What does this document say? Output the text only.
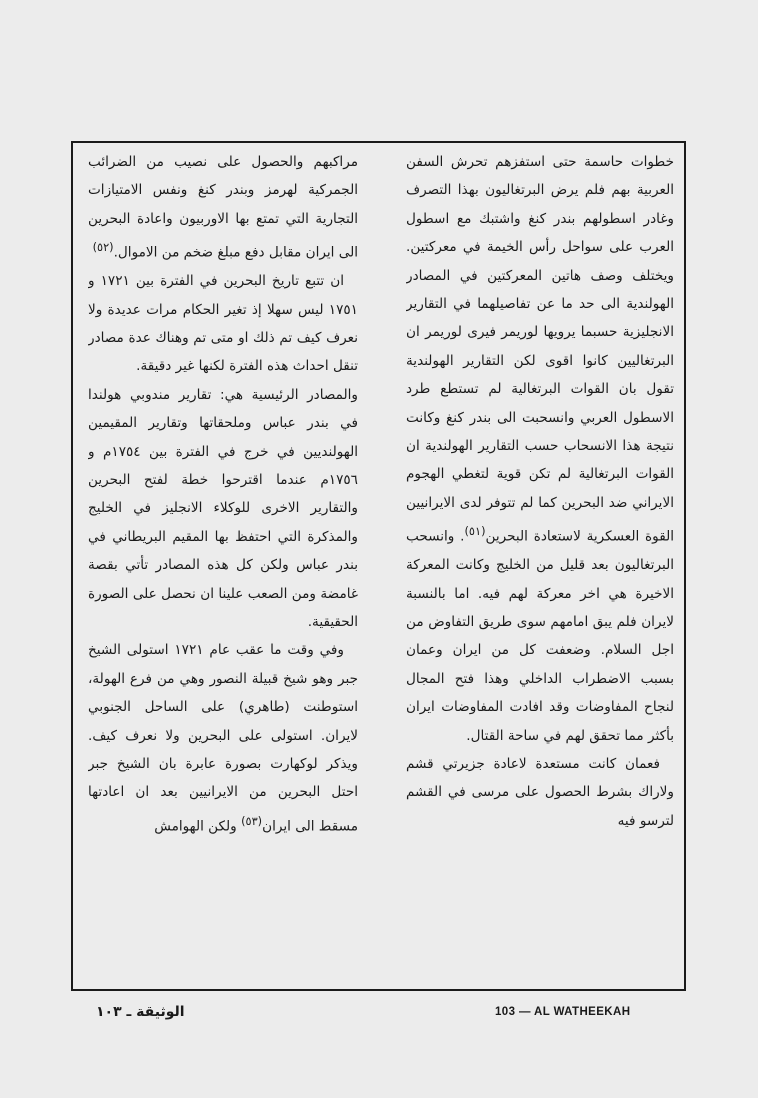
خطوات حاسمة حتى استفزهم تحرش السفن العربية بهم فلم يرض البرتغاليون بهذا التصرف وغادر اسطولهم بندر كنغ واشتبك مع اسطول العرب على سواحل رأس الخيمة في معركتين. ويختلف وصف هاتين المعركتين في المصادر الهولندية الى حد ما عن تفاصيلهما في التقارير الانجليزية حسبما يرويها لوريمر فيرى لوريمر ان البرتغاليين كانوا اقوى لكن التقارير الهولندية تقول بان القوات البرتغالية لم تستطع طرد الاسطول العربي وانسحبت الى بندر كنغ وكانت نتيجة هذا الانسحاب حسب التقارير الهولندية ان القوات البرتغالية لم تكن قوية لتغطي الهجوم الايراني ضد البحرين كما لم تتوفر لدى الايرانيين القوة العسكرية لاستعادة البحرين$^{(٥١)}$. وانسحب البرتغاليون بعد قليل من الخليج وكانت المعركة الاخيرة هي اخر معركة لهم فيه. اما بالنسبة لايران فلم يبق امامهم سوى طريق التفاوض من اجل السلام. وضعفت كل من ايران وعمان بسبب الاضطراب الداخلي وهذا فتح المجال لنجاح المفاوضات وقد افادت المفاوضات ايران بأكثر مما تحقق لهم في ساحة القتال.

فعمان كانت مستعدة لاعادة جزيرتي قشم ولاراك بشرط الحصول على مرسى في القشم لترسو فيه

مراكبهم والحصول على نصيب من الضرائب الجمركية لهرمز وبندر كنغ ونفس الامتيازات التجارية التي تمتع بها الاوربيون واعادة البحرين الى ايران مقابل دفع مبلغ ضخم من الاموال.$^{(٥٢)}$

ان تتبع تاريخ البحرين في الفترة بين ١٧٢١ و ١٧٥١ ليس سهلا إذ تغير الحكام مرات عديدة ولا نعرف كيف تم ذلك او متى تم وهناك عدة مصادر تنقل احداث هذه الفترة لكنها غير دقيقة.

والمصادر الرئيسية هي: تقارير مندوبي هولندا في بندر عباس وملحقاتها وتقارير المقيمين الهولنديين في خرج في الفترة بين ١٧٥٤م و ١٧٥٦م عندما اقترحوا خطة لفتح البحرين والتقارير الاخرى للوكلاء الانجليز في الخليج والمذكرة التي احتفظ بها المقيم البريطاني في بندر عباس ولكن كل هذه المصادر تأتي بقصة غامضة ومن الصعب علينا ان نحصل على الصورة الحقيقية.

وفي وقت ما عقب عام ١٧٢١ استولى الشيخ جبر وهو شيخ قبيلة النصور وهي من فرع الهولة، استوطنت (طاهري) على الساحل الجنوبي لايران. استولى على البحرين ولا نعرف كيف. ويذكر لوكهارت بصورة عابرة بان الشيخ جبر احتل البحرين من الايرانيين بعد ان اعادتها مسقط الى ايران$^{(٥٣)}$ ولكن الهوامش

الوثيقة ـ ١٠٣	103 — AL WATHEEKAH
